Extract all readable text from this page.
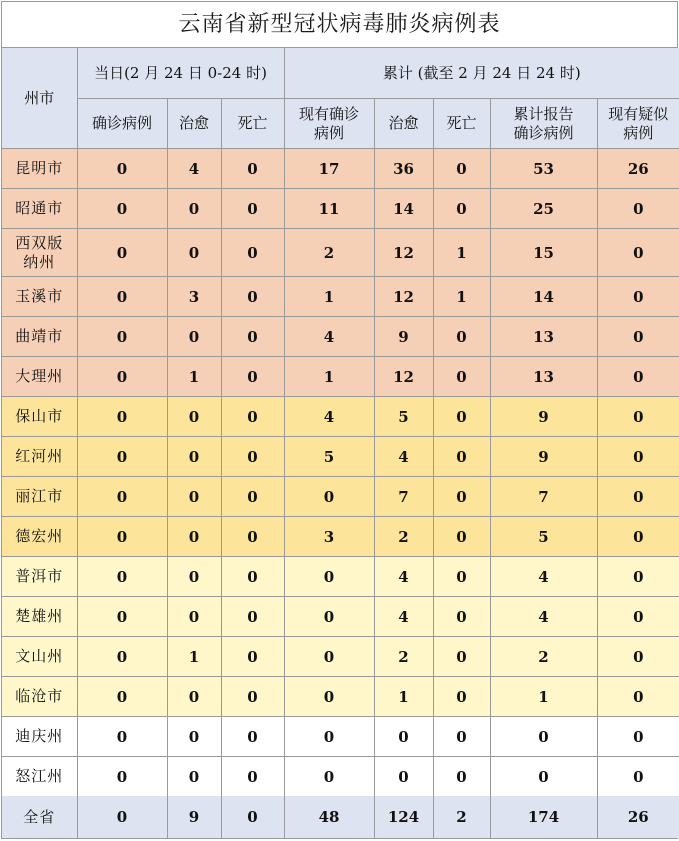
云南省新型冠状病毒肺炎病例表
州市	当日(2 月 24 日 0-24 时)			累计 (截至 2 月 24 日 24 时)				
	确诊病例	治愈	死亡	现有确诊病例	治愈	死亡	累计报告确诊病例	现有疑似病例
昆明市	0	4	0	17	36	0	53	26
昭通市	0	0	0	11	14	0	25	0
西双版纳州	0	0	0	2	12	1	15	0
玉溪市	0	3	0	1	12	1	14	0
曲靖市	0	0	0	4	9	0	13	0
大理州	0	1	0	1	12	0	13	0
保山市	0	0	0	4	5	0	9	0
红河州	0	0	0	5	4	0	9	0
丽江市	0	0	0	0	7	0	7	0
德宏州	0	0	0	3	2	0	5	0
普洱市	0	0	0	0	4	0	4	0
楚雄州	0	0	0	0	4	0	4	0
文山州	0	1	0	0	2	0	2	0
临沧市	0	0	0	0	1	0	1	0
迪庆州	0	0	0	0	0	0	0	0
怒江州	0	0	0	0	0	0	0	0
全省	0	9	0	48	124	2	174	26
